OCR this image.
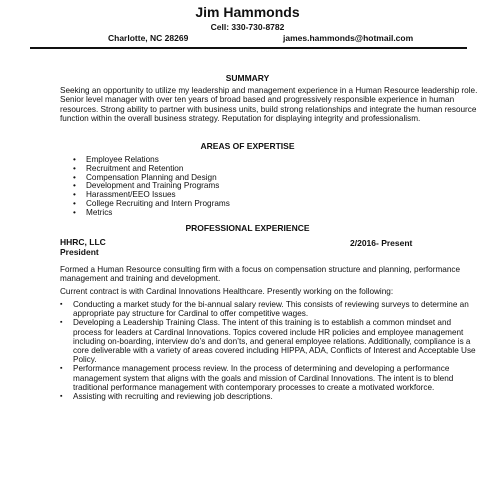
Jim Hammonds
Cell: 330-730-8782
Charlotte, NC 28269	james.hammonds@hotmail.com
SUMMARY

Seeking an opportunity to utilize my leadership and management experience in a Human Resource leadership role. Senior level manager with over ten years of broad based and progressively responsible experience in human resources. Strong ability to partner with business units, build strong relationships and integrate the human resource function within the overall business strategy. Reputation for displaying integrity and professionalism.

AREAS OF EXPERTISE
• Employee Relations
• Recruitment and Retention
• Compensation Planning and Design
• Development and Training Programs
• Harassment/EEO Issues
• College Recruiting and Intern Programs
• Metrics
PROFESSIONAL EXPERIENCE
HHRC, LLC
President
2/2016- Present

Formed a Human Resource consulting firm with a focus on compensation structure and planning, performance management and training and development.

Current contract is with Cardinal Innovations Healthcare. Presently working on the following:

▪ Conducting a market study for the bi-annual salary review. This consists of reviewing surveys to determine an appropriate pay structure for Cardinal to offer competitive wages.
▪ Developing a Leadership Training Class. The intent of this training is to establish a common mindset and process for leaders at Cardinal Innovations. Topics covered include HR policies and employee management including on-boarding, interview do’s and don’ts, and general employee relations. Additionally, compliance is a core deliverable with a variety of areas covered including HIPPA, ADA, Conflicts of Interest and Acceptable Use Policy.
▪ Performance management process review. In the process of determining and developing a performance management system that aligns with the goals and mission of Cardinal Innovations. The intent is to blend traditional performance management with contemporary processes to create a motivated workforce.
▪ Assisting with recruiting and reviewing job descriptions.
